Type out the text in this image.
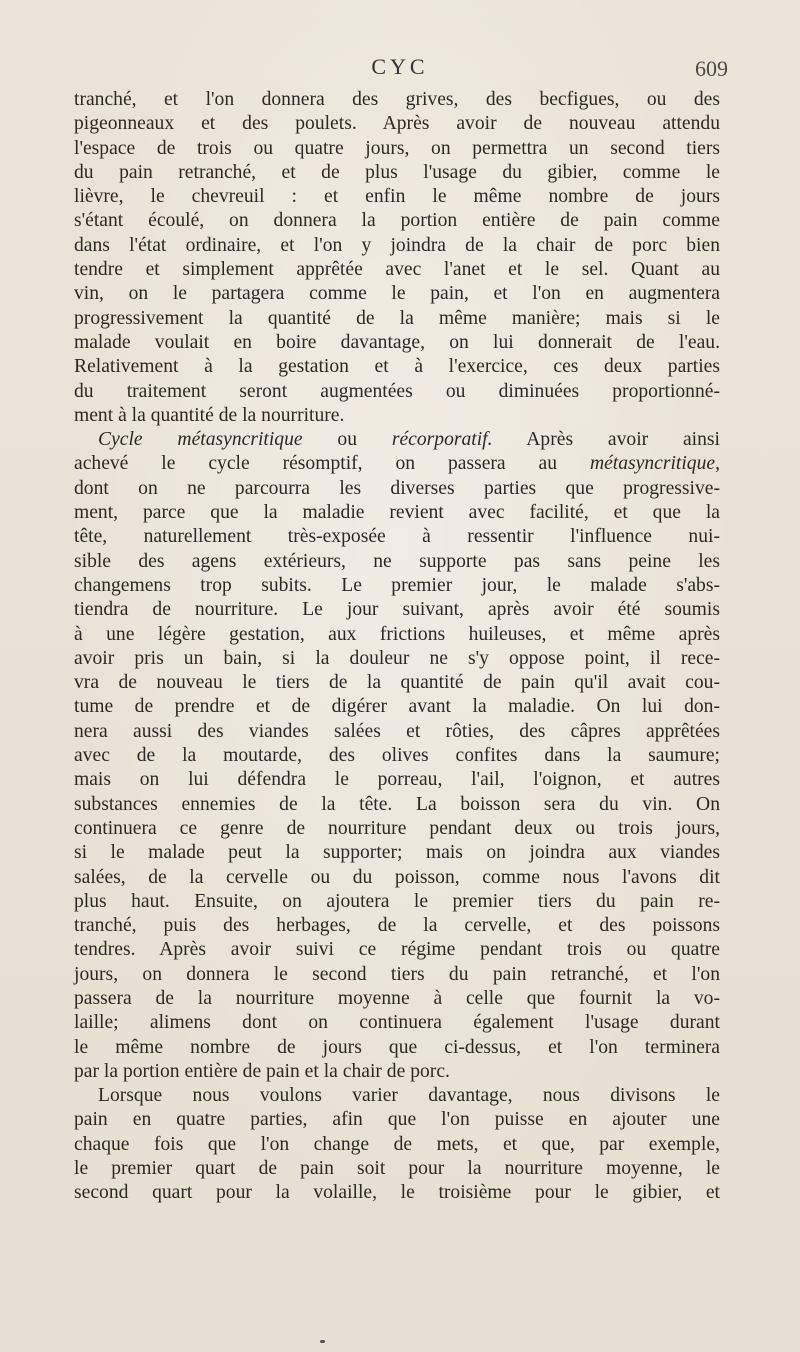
CYC	609
tranché, et l'on donnera des grives, des becfigues, ou des
pigeonneaux et des poulets. Après avoir de nouveau attendu
l'espace de trois ou quatre jours, on permettra un second tiers
du pain retranché, et de plus l'usage du gibier, comme le
lièvre, le chevreuil : et enfin le même nombre de jours
s'étant écoulé, on donnera la portion entière de pain comme
dans l'état ordinaire, et l'on y joindra de la chair de porc bien
tendre et simplement apprêtée avec l'anet et le sel. Quant au
vin, on le partagera comme le pain, et l'on en augmentera
progressivement la quantité de la même manière; mais si le
malade voulait en boire davantage, on lui donnerait de l'eau.
Relativement à la gestation et à l'exercice, ces deux parties
du traitement seront augmentées ou diminuées proportionné-
ment à la quantité de la nourriture.
Cycle métasyncritique ou récorporatif. Après avoir ainsi
achevé le cycle résomptif, on passera au métasyncritique,
dont on ne parcourra les diverses parties que progressive-
ment, parce que la maladie revient avec facilité, et que la
tête, naturellement très-exposée à ressentir l'influence nui-
sible des agens extérieurs, ne supporte pas sans peine les
changemens trop subits. Le premier jour, le malade s'abs-
tiendra de nourriture. Le jour suivant, après avoir été soumis
à une légère gestation, aux frictions huileuses, et même après
avoir pris un bain, si la douleur ne s'y oppose point, il rece-
vra de nouveau le tiers de la quantité de pain qu'il avait cou-
tume de prendre et de digérer avant la maladie. On lui don-
nera aussi des viandes salées et rôties, des câpres apprêtées
avec de la moutarde, des olives confites dans la saumure;
mais on lui défendra le porreau, l'ail, l'oignon, et autres
substances ennemies de la tête. La boisson sera du vin. On
continuera ce genre de nourriture pendant deux ou trois jours,
si le malade peut la supporter; mais on joindra aux viandes
salées, de la cervelle ou du poisson, comme nous l'avons dit
plus haut. Ensuite, on ajoutera le premier tiers du pain re-
tranché, puis des herbages, de la cervelle, et des poissons
tendres. Après avoir suivi ce régime pendant trois ou quatre
jours, on donnera le second tiers du pain retranché, et l'on
passera de la nourriture moyenne à celle que fournit la vo-
laille; alimens dont on continuera également l'usage durant
le même nombre de jours que ci-dessus, et l'on terminera
par la portion entière de pain et la chair de porc.
Lorsque nous voulons varier davantage, nous divisons le
pain en quatre parties, afin que l'on puisse en ajouter une
chaque fois que l'on change de mets, et que, par exemple,
le premier quart de pain soit pour la nourriture moyenne, le
second quart pour la volaille, le troisième pour le gibier, et
